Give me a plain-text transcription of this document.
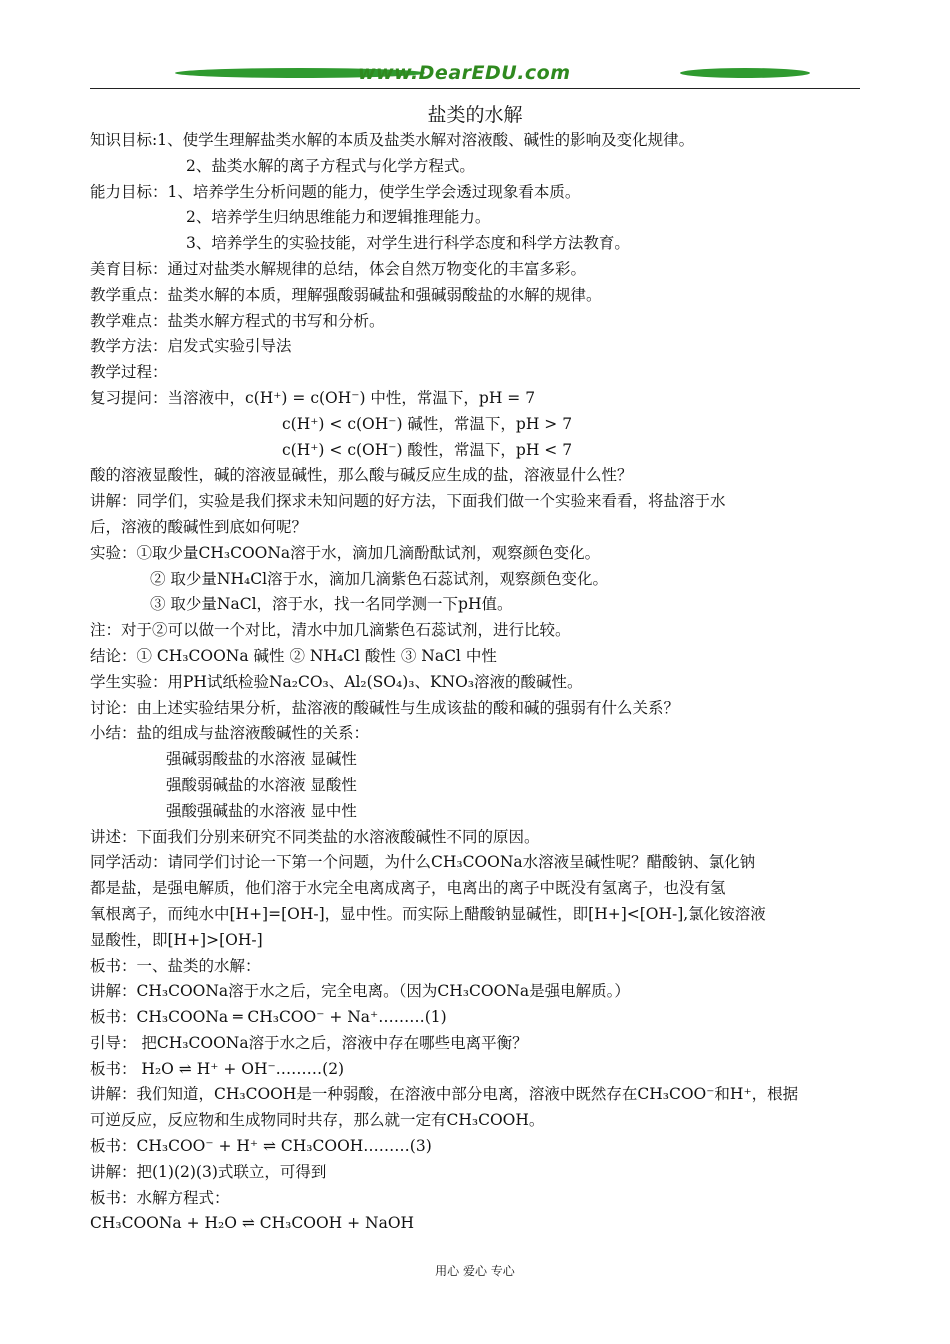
www.DearEDU.com
盐类的水解
知识目标:1、使学生理解盐类水解的本质及盐类水解对溶液酸、碱性的影响及变化规律。
2、盐类水解的离子方程式与化学方程式。
能力目标：1、培养学生分析问题的能力，使学生学会透过现象看本质。
2、培养学生归纳思维能力和逻辑推理能力。
3、培养学生的实验技能，对学生进行科学态度和科学方法教育。
美育目标：通过对盐类水解规律的总结，体会自然万物变化的丰富多彩。
教学重点：盐类水解的本质，理解强酸弱碱盐和强碱弱酸盐的水解的规律。
教学难点：盐类水解方程式的书写和分析。
教学方法：启发式实验引导法
教学过程：
复习提问：当溶液中，c(H⁺) = c(OH⁻) 中性，常温下，pH = 7
c(H⁺) < c(OH⁻) 碱性，常温下，pH > 7
c(H⁺) < c(OH⁻) 酸性，常温下，pH < 7
酸的溶液显酸性，碱的溶液显碱性，那么酸与碱反应生成的盐，溶液显什么性？
讲解：同学们，实验是我们探求未知问题的好方法，下面我们做一个实验来看看，将盐溶于水
后，溶液的酸碱性到底如何呢？
实验：①取少量CH₃COONa溶于水，滴加几滴酚酞试剂，观察颜色变化。
② 取少量NH₄Cl溶于水，滴加几滴紫色石蕊试剂，观察颜色变化。
③ 取少量NaCl，溶于水，找一名同学测一下pH值。
注：对于②可以做一个对比，清水中加几滴紫色石蕊试剂，进行比较。
结论：① CH₃COONa 碱性 ② NH₄Cl 酸性 ③ NaCl 中性
学生实验：用PH试纸检验Na₂CO₃、Al₂(SO₄)₃、KNO₃溶液的酸碱性。
讨论：由上述实验结果分析，盐溶液的酸碱性与生成该盐的酸和碱的强弱有什么关系？
小结：盐的组成与盐溶液酸碱性的关系：
强碱弱酸盐的水溶液 显碱性
强酸弱碱盐的水溶液 显酸性
强酸强碱盐的水溶液 显中性
讲述：下面我们分别来研究不同类盐的水溶液酸碱性不同的原因。
同学活动：请同学们讨论一下第一个问题，为什么CH₃COONa水溶液呈碱性呢？醋酸钠、氯化钠
都是盐，是强电解质，他们溶于水完全电离成离子，电离出的离子中既没有氢离子，也没有氢
氧根离子，而纯水中[H+]=[OH-]，显中性。而实际上醋酸钠显碱性，即[H+]<[OH-],氯化铵溶液
显酸性，即[H+]>[OH-]
板书：一、盐类的水解：
讲解：CH₃COONa溶于水之后，完全电离。（因为CH₃COONa是强电解质。）
板书：CH₃COONa ═ CH₃COO⁻ + Na⁺………(1)
引导： 把CH₃COONa溶于水之后，溶液中存在哪些电离平衡？
板书： H₂O ⇌ H⁺ + OH⁻………(2)
讲解：我们知道，CH₃COOH是一种弱酸，在溶液中部分电离，溶液中既然存在CH₃COO⁻和H⁺，根据
可逆反应，反应物和生成物同时共存，那么就一定有CH₃COOH。
板书：CH₃COO⁻ + H⁺ ⇌ CH₃COOH………(3)
讲解：把(1)(2)(3)式联立，可得到
板书：水解方程式：
CH₃COONa + H₂O ⇌ CH₃COOH + NaOH
用心 爱心 专心
